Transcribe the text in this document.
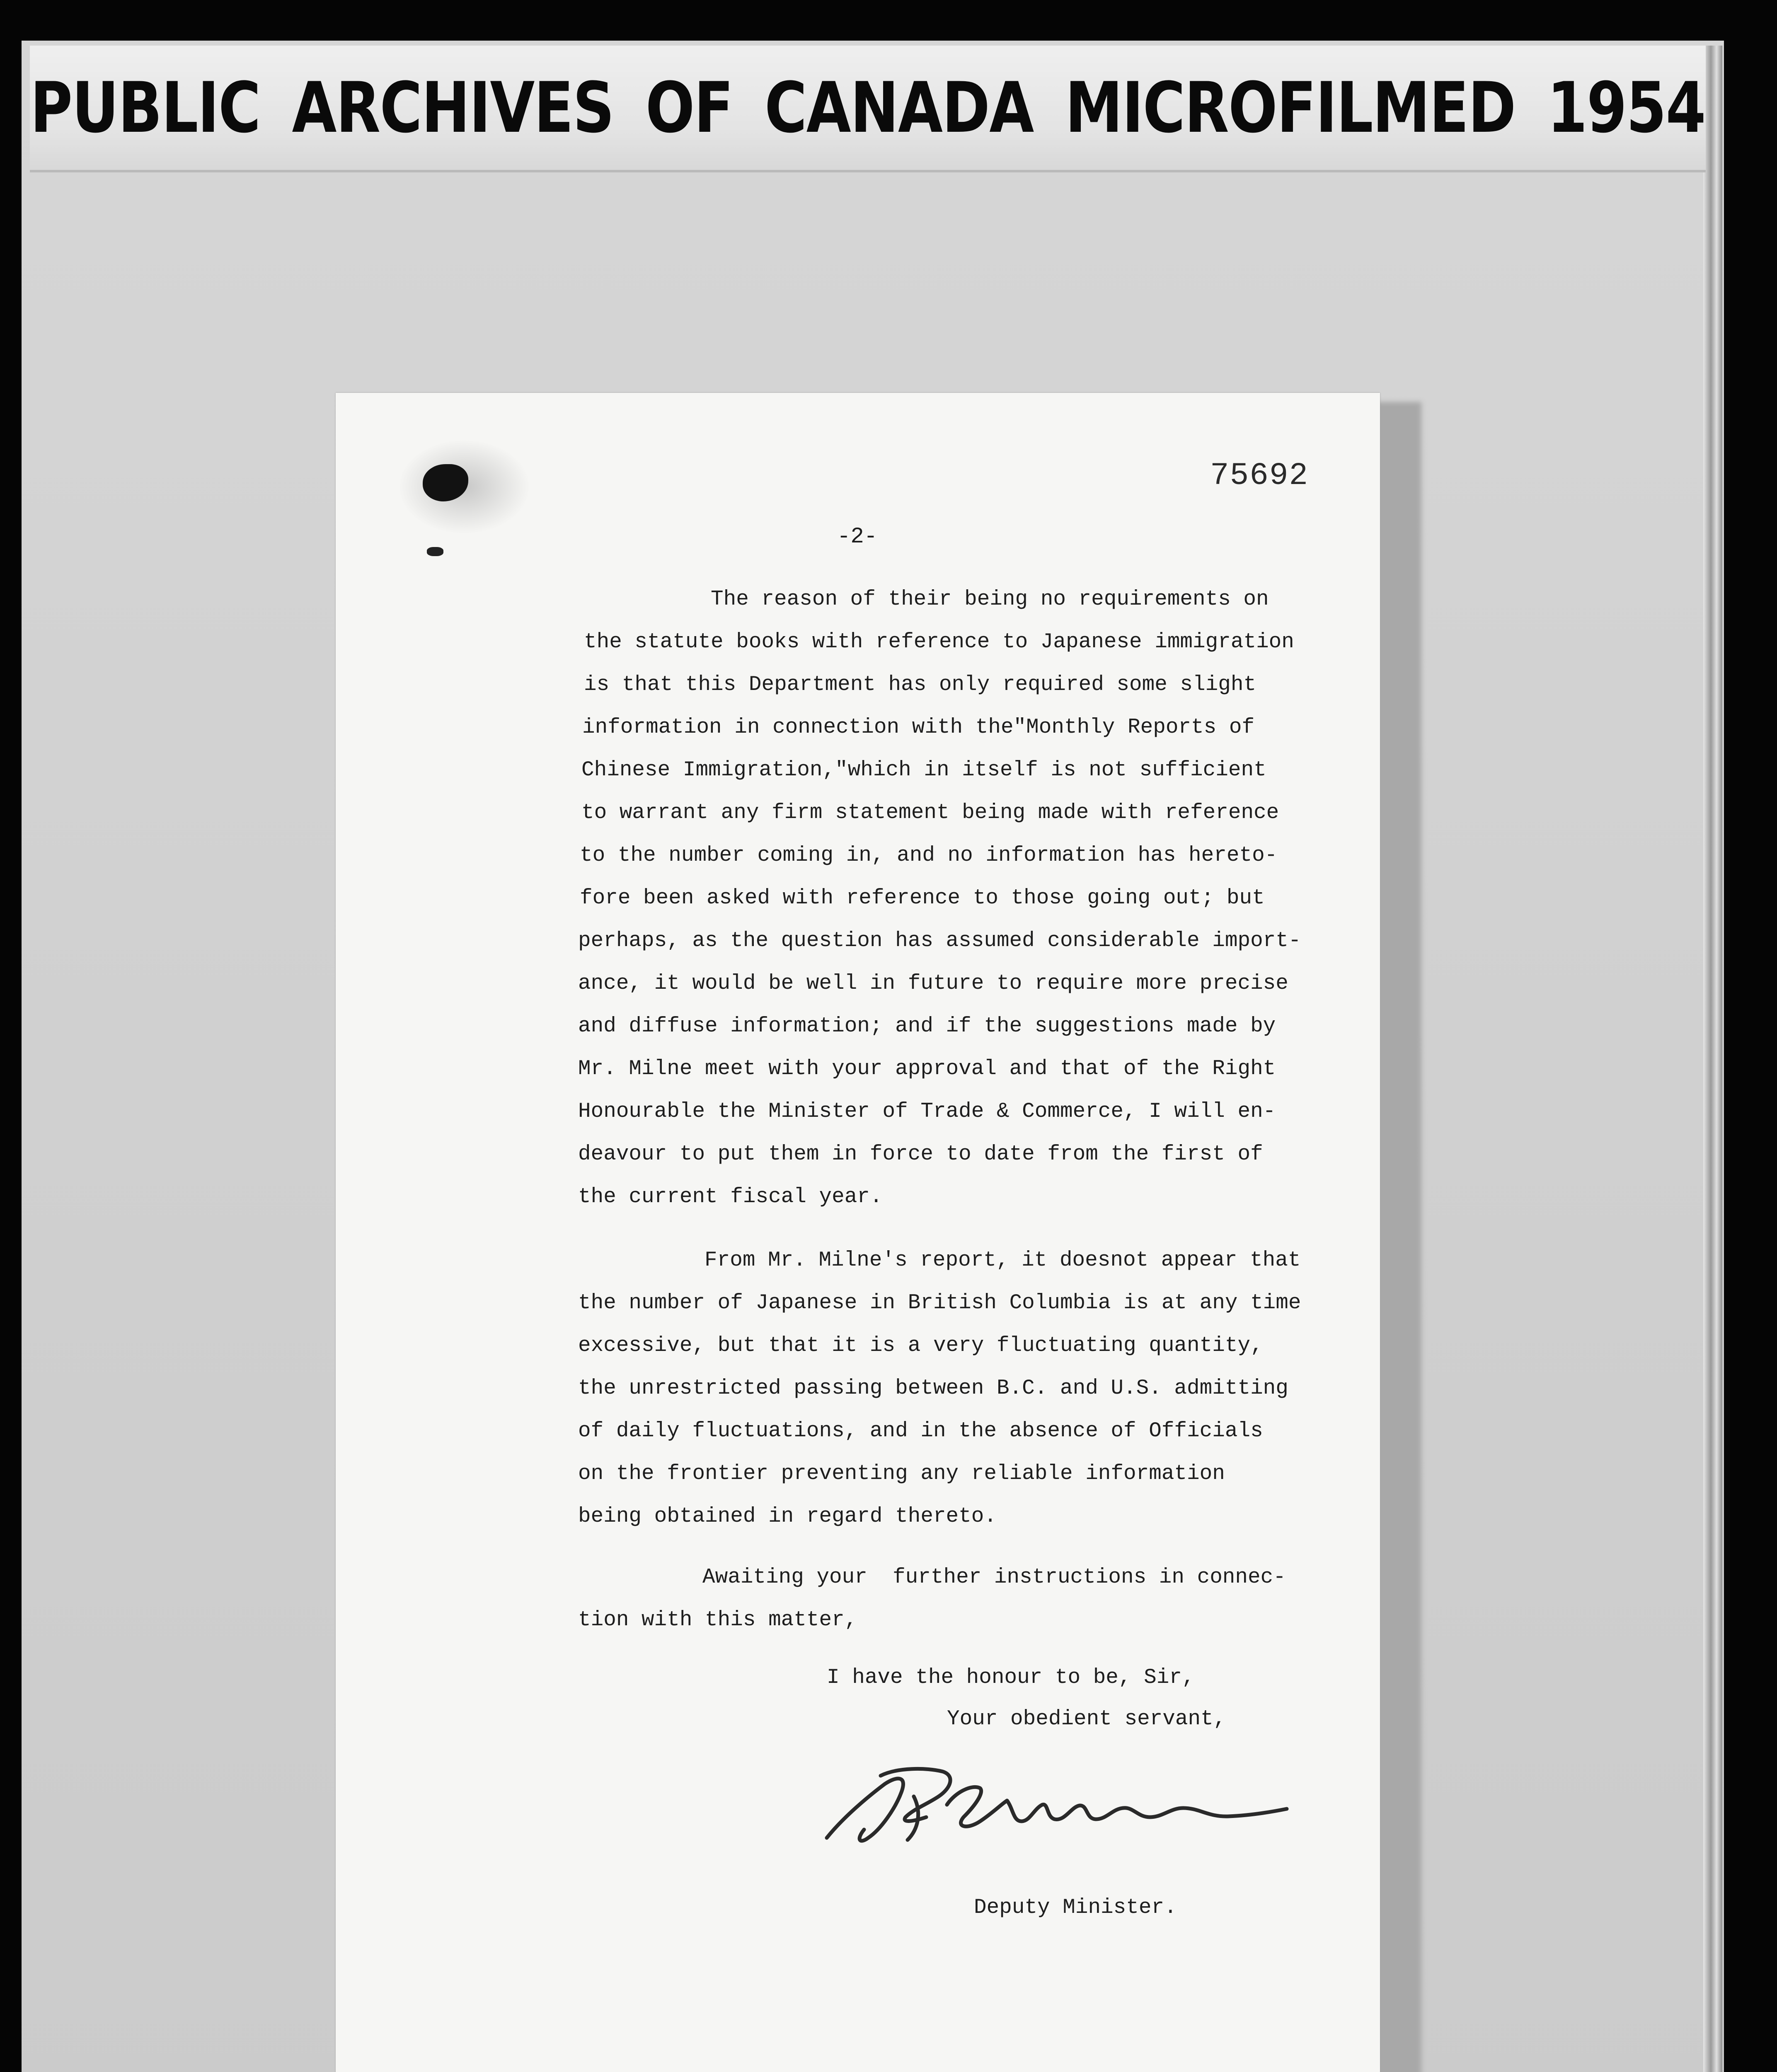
PUBLIC ARCHIVES OF CANADA MICROFILMED 1954
75692
-2-
The reason of their being no requirements on
the statute books with reference to Japanese immigration
is that this Department has only required some slight
information in connection with the"Monthly Reports of
Chinese Immigration,"which in itself is not sufficient
to warrant any firm statement being made with reference
to the number coming in, and no information has hereto-
fore been asked with reference to those going out; but
perhaps, as the question has assumed considerable import-
ance, it would be well in future to require more precise
and diffuse information; and if the suggestions made by
Mr. Milne meet with your approval and that of the Right
Honourable the Minister of Trade & Commerce, I will en-
deavour to put them in force to date from the first of
the current fiscal year.
From Mr. Milne's report, it doesnot appear that
the number of Japanese in British Columbia is at any time
excessive, but that it is a very fluctuating quantity,
the unrestricted passing between B.C. and U.S. admitting
of daily fluctuations, and in the absence of Officials
on the frontier preventing any reliable information
being obtained in regard thereto.
Awaiting your  further instructions in connec-
tion with this matter,
I have the honour to be, Sir,
Your obedient servant,
Deputy Minister.
